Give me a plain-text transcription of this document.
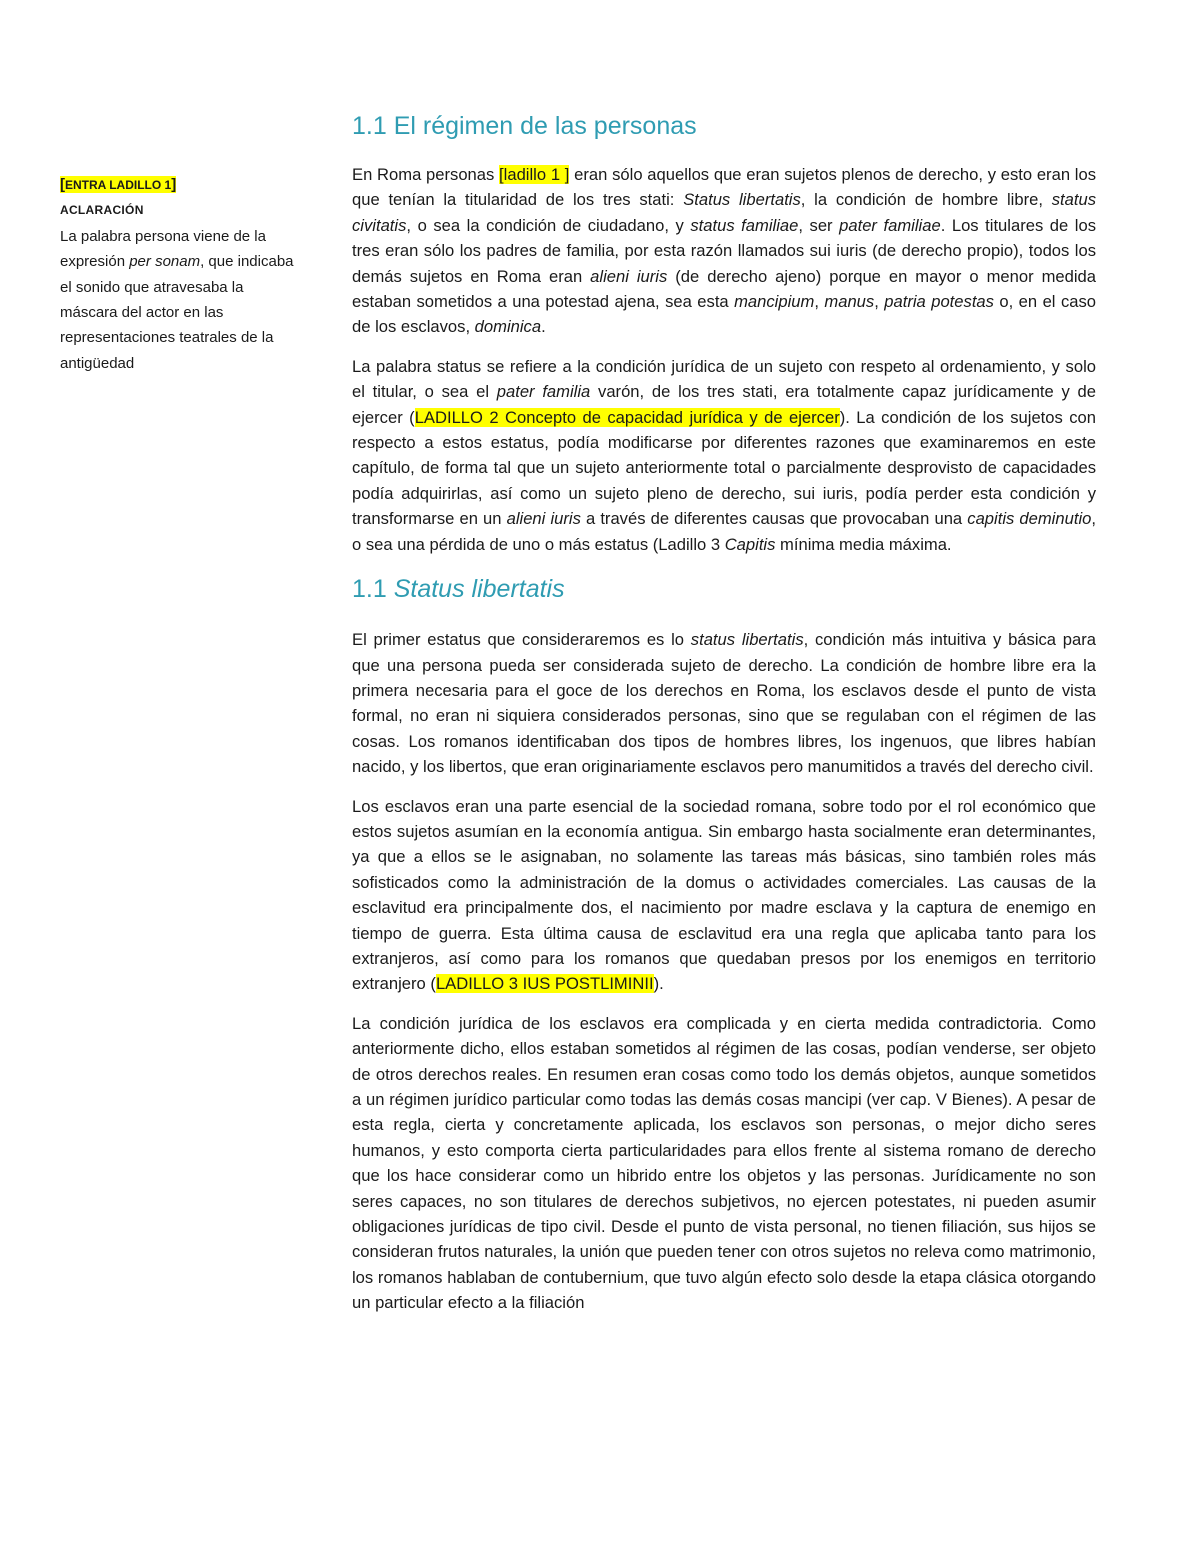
[ENTRA LADILLO 1]
ACLARACIÓN
La palabra persona viene de la expresión per sonam, que indicaba el sonido que atravesaba la máscara del actor en las representaciones teatrales de la antigüedad
1.1 El régimen de las personas

En Roma personas [ladillo 1 ] eran sólo aquellos que eran sujetos plenos de derecho, y esto eran los que tenían la titularidad de los tres stati: Status libertatis, la condición de hombre libre, status civitatis, o sea la condición de ciudadano, y status familiae, ser pater familiae. Los titulares de los tres eran sólo los padres de familia, por esta razón llamados sui iuris (de derecho propio), todos los demás sujetos en Roma eran alieni iuris (de derecho ajeno) porque en mayor o menor medida estaban sometidos a una potestad ajena, sea esta mancipium, manus, patria potestas o, en el caso de los esclavos, dominica.

La palabra status se refiere a la condición jurídica de un sujeto con respeto al ordenamiento, y solo el titular, o sea el pater familia varón, de los tres stati, era totalmente capaz jurídicamente y de ejercer (LADILLO 2 Concepto de capacidad jurídica y de ejercer). La condición de los sujetos con respecto a estos estatus, podía modificarse por diferentes razones que examinaremos en este capítulo, de forma tal que un sujeto anteriormente total o parcialmente desprovisto de capacidades podía adquirirlas, así como un sujeto pleno de derecho, sui iuris, podía perder esta condición y transformarse en un alieni iuris a través de diferentes causas que provocaban una capitis deminutio, o sea una pérdida de uno o más estatus (Ladillo 3 Capitis mínima media máxima.

1.1 Status libertatis

El primer estatus que consideraremos es lo status libertatis, condición más intuitiva y básica para que una persona pueda ser considerada sujeto de derecho. La condición de hombre libre era la primera necesaria para el goce de los derechos en Roma, los esclavos desde el punto de vista formal, no eran ni siquiera considerados personas, sino que se regulaban con el régimen de las cosas. Los romanos identificaban dos tipos de hombres libres, los ingenuos, que libres habían nacido, y los libertos, que eran originariamente esclavos pero manumitidos a través del derecho civil.

Los esclavos eran una parte esencial de la sociedad romana, sobre todo por el rol económico que estos sujetos asumían en la economía antigua. Sin embargo hasta socialmente eran determinantes, ya que a ellos se le asignaban, no solamente las tareas más básicas, sino también roles más sofisticados como la administración de la domus o actividades comerciales. Las causas de la esclavitud era principalmente dos, el nacimiento por madre esclava y la captura de enemigo en tiempo de guerra. Esta última causa de esclavitud era una regla que aplicaba tanto para los extranjeros, así como para los romanos que quedaban presos por los enemigos en territorio extranjero (LADILLO 3 IUS POSTLIMINII).

La condición jurídica de los esclavos era complicada y en cierta medida contradictoria. Como anteriormente dicho, ellos estaban sometidos al régimen de las cosas, podían venderse, ser objeto de otros derechos reales. En resumen eran cosas como todo los demás objetos, aunque sometidos a un régimen jurídico particular como todas las demás cosas mancipi (ver cap. V Bienes). A pesar de esta regla, cierta y concretamente aplicada, los esclavos son personas, o mejor dicho seres humanos, y esto comporta cierta particularidades para ellos frente al sistema romano de derecho que los hace considerar como un hibrido entre los objetos y las personas. Jurídicamente no son seres capaces, no son titulares de derechos subjetivos, no ejercen potestates, ni pueden asumir obligaciones jurídicas de tipo civil. Desde el punto de vista personal, no tienen filiación, sus hijos se consideran frutos naturales, la unión que pueden tener con otros sujetos no releva como matrimonio, los romanos hablaban de contubernium, que tuvo algún efecto solo desde la etapa clásica otorgando un particular efecto a la filiación
